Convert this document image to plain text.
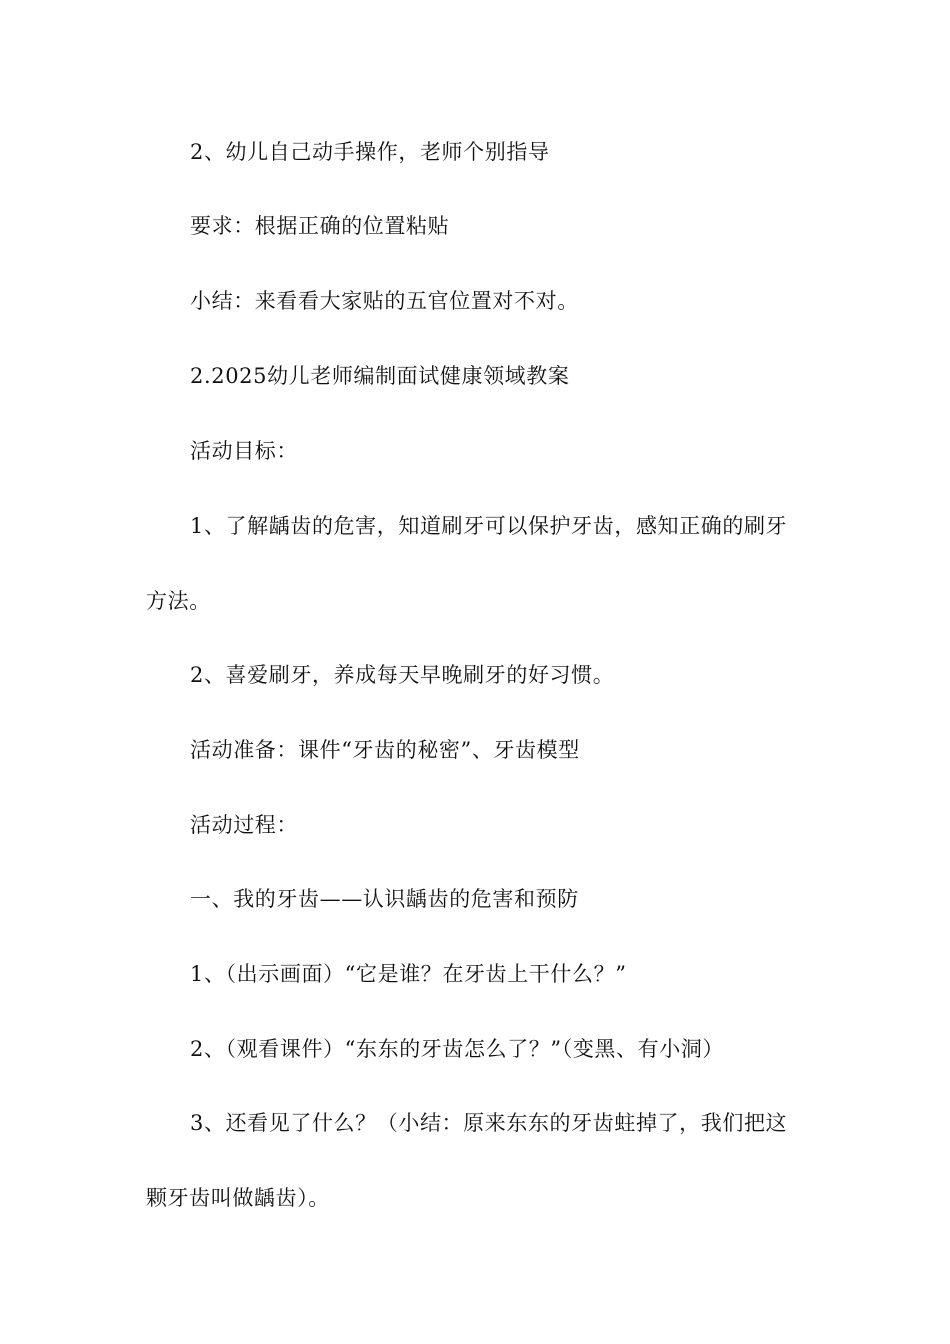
2、幼儿自己动手操作，老师个别指导
要求：根据正确的位置粘贴
小结：来看看大家贴的五官位置对不对。
2.2025幼儿老师编制面试健康领域教案
活动目标：
1、了解龋齿的危害，知道刷牙可以保护牙齿，感知正确的刷牙
方法。
2、喜爱刷牙，养成每天早晚刷牙的好习惯。
活动准备：课件“牙齿的秘密”、牙齿模型
活动过程：
一、我的牙齿——认识龋齿的危害和预防
1、（出示画面）“它是谁？在牙齿上干什么？”
2、（观看课件）“东东的牙齿怎么了？”（变黑、有小洞）
3、还看见了什么？（小结：原来东东的牙齿蛀掉了，我们把这
颗牙齿叫做龋齿）。
